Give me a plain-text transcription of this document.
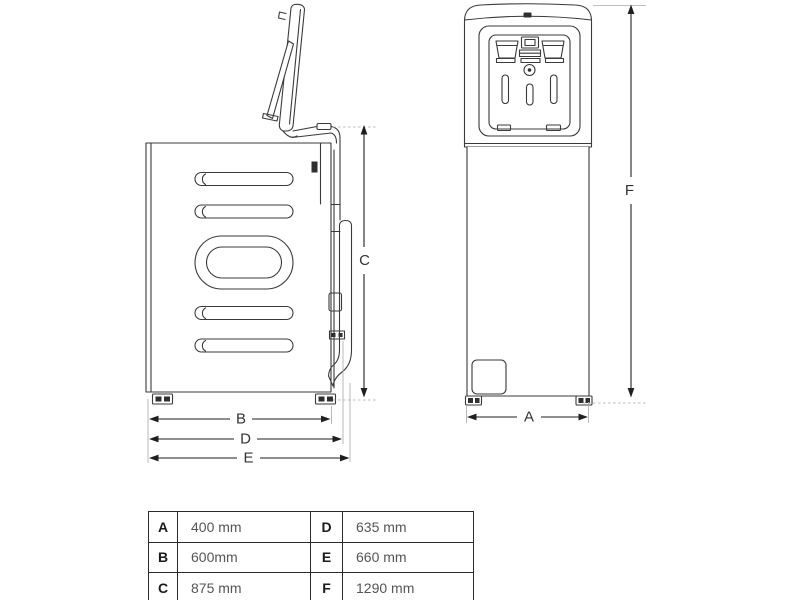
B
D
E
C
A
F
A	400 mm	D	635 mm
B	600mm	E	660 mm
C	875 mm	F	1290 mm
